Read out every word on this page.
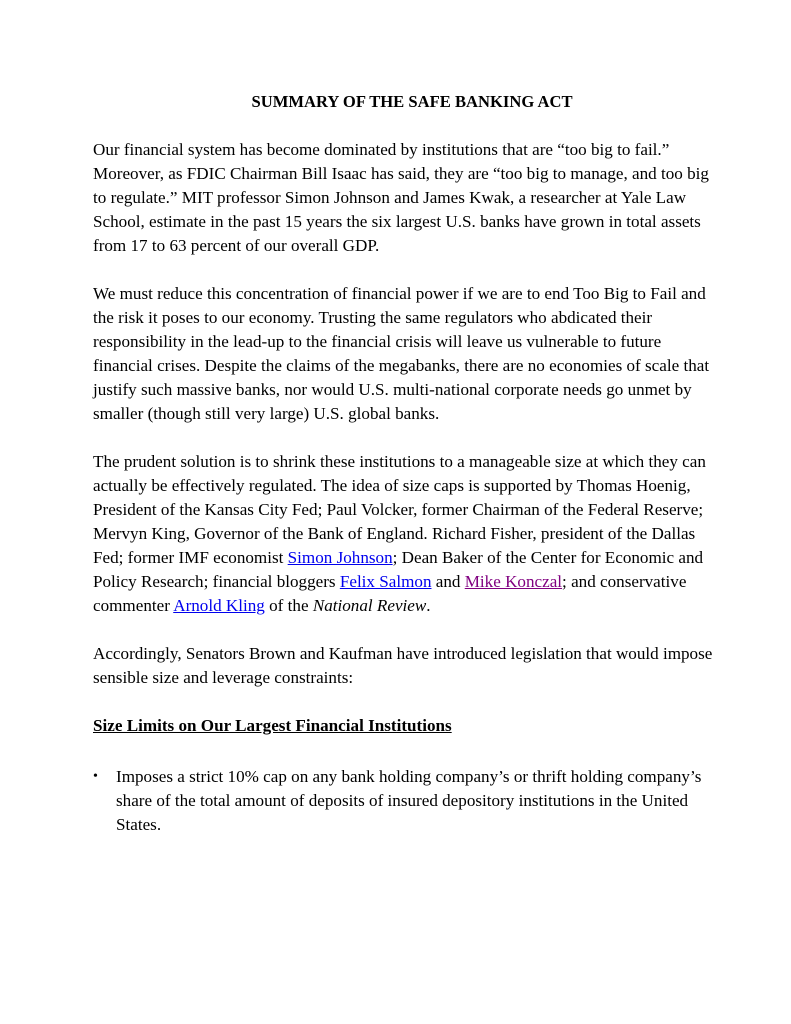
SUMMARY OF THE SAFE BANKING ACT

Our financial system has become dominated by institutions that are “too big to fail.” Moreover, as FDIC Chairman Bill Isaac has said, they are “too big to manage, and too big to regulate.” MIT professor Simon Johnson and James Kwak, a researcher at Yale Law School, estimate in the past 15 years the six largest U.S. banks have grown in total assets from 17 to 63 percent of our overall GDP.

We must reduce this concentration of financial power if we are to end Too Big to Fail and the risk it poses to our economy. Trusting the same regulators who abdicated their responsibility in the lead-up to the financial crisis will leave us vulnerable to future financial crises. Despite the claims of the megabanks, there are no economies of scale that justify such massive banks, nor would U.S. multi-national corporate needs go unmet by smaller (though still very large) U.S. global banks.

The prudent solution is to shrink these institutions to a manageable size at which they can actually be effectively regulated. The idea of size caps is supported by Thomas Hoenig, President of the Kansas City Fed; Paul Volcker, former Chairman of the Federal Reserve; Mervyn King, Governor of the Bank of England. Richard Fisher, president of the Dallas Fed; former IMF economist Simon Johnson; Dean Baker of the Center for Economic and Policy Research; financial bloggers Felix Salmon and Mike Konczal; and conservative commenter Arnold Kling of the National Review.

Accordingly, Senators Brown and Kaufman have introduced legislation that would impose sensible size and leverage constraints:

Size Limits on Our Largest Financial Institutions
• Imposes a strict 10% cap on any bank holding company’s or thrift holding company’s share of the total amount of deposits of insured depository institutions in the United States.
